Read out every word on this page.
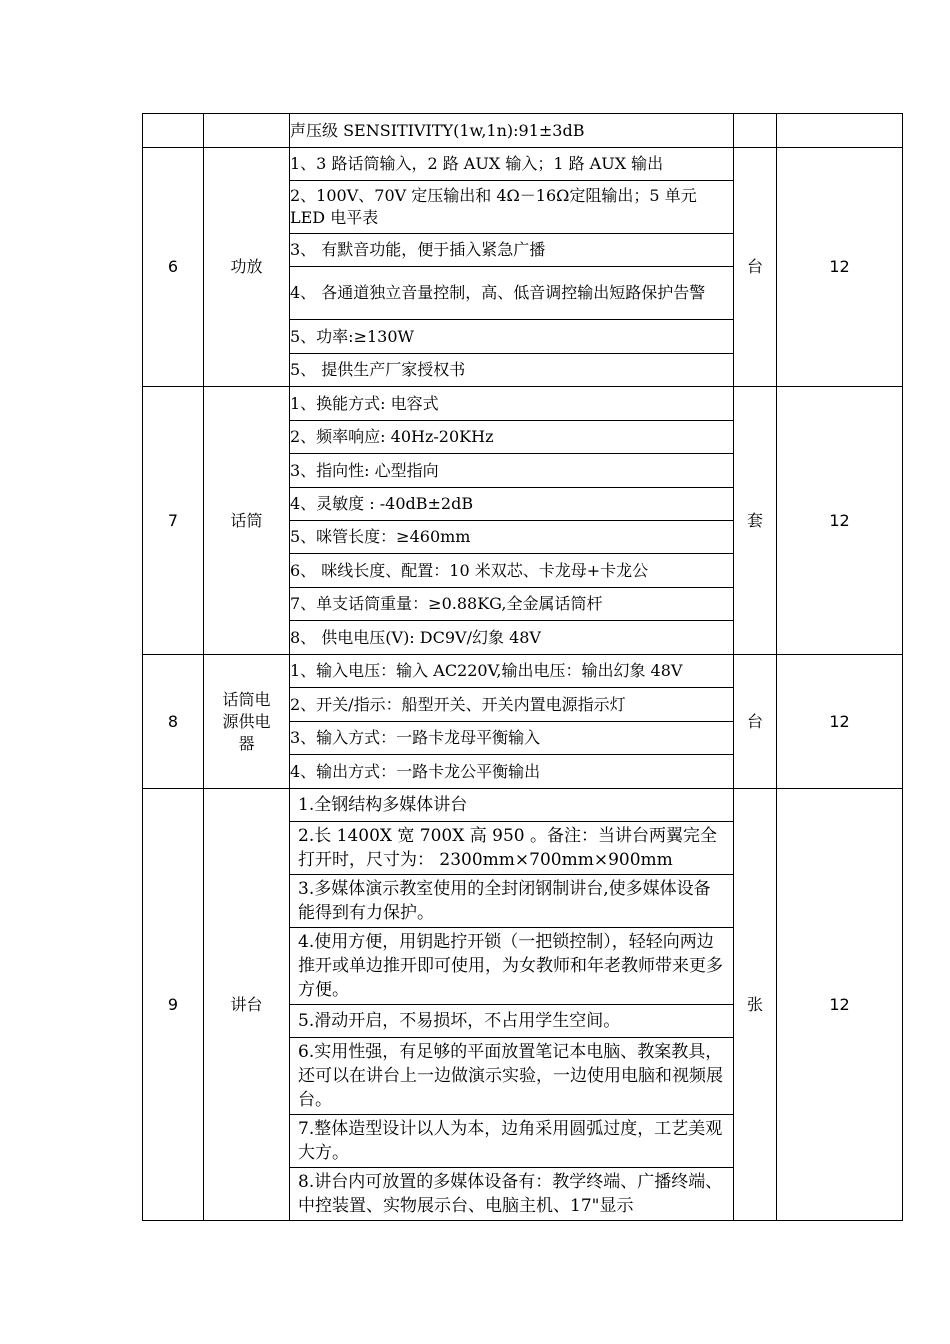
		声压级 SENSITIVITY(1w,1n):91±3dB		
6	功放	1、3 路话筒输入，2 路 AUX 输入；1 路 AUX 输出	台	12
		2、100V、70V 定压输出和 4Ω－16Ω定阻输出；5 单元 LED 电平表		
		3、 有默音功能，便于插入紧急广播		
		4、 各通道独立音量控制，高、低音调控输出短路保护告警		
		5、功率:≥130W		
		5、 提供生产厂家授权书		
7	话筒	1、换能方式: 电容式	套	12
		2、频率响应: 40Hz-20KHz		
		3、指向性: 心型指向		
		4、灵敏度 : -40dB±2dB		
		5、咪管长度：≥460mm		
		6、 咪线长度、配置：10 米双芯、卡龙母+卡龙公		
		7、单支话筒重量：≥0.88KG,全金属话筒杆		
		8、 供电电压(V): DC9V/幻象 48V		
8	话筒电源供电器	1、输入电压：输入 AC220V,输出电压：输出幻象 48V	台	12
		2、开关/指示：船型开关、开关内置电源指示灯		
		3、输入方式：一路卡龙母平衡输入		
		4、输出方式：一路卡龙公平衡输出		
9	讲台	1.全钢结构多媒体讲台	张	12
		2.长 1400X 宽 700X 高 950 。备注：当讲台两翼完全打开时，尺寸为： 2300mm×700mm×900mm		
		3.多媒体演示教室使用的全封闭钢制讲台,使多媒体设备能得到有力保护。		
		4.使用方便，用钥匙拧开锁（一把锁控制），轻轻向两边推开或单边推开即可使用，为女教师和年老教师带来更多方便。		
		5.滑动开启，不易损坏，不占用学生空间。		
		6.实用性强，有足够的平面放置笔记本电脑、教案教具，还可以在讲台上一边做演示实验，一边使用电脑和视频展台。		
		7.整体造型设计以人为本，边角采用圆弧过度，工艺美观大方。		
		8.讲台内可放置的多媒体设备有：教学终端、广播终端、中控装置、实物展示台、电脑主机、17"显示		
